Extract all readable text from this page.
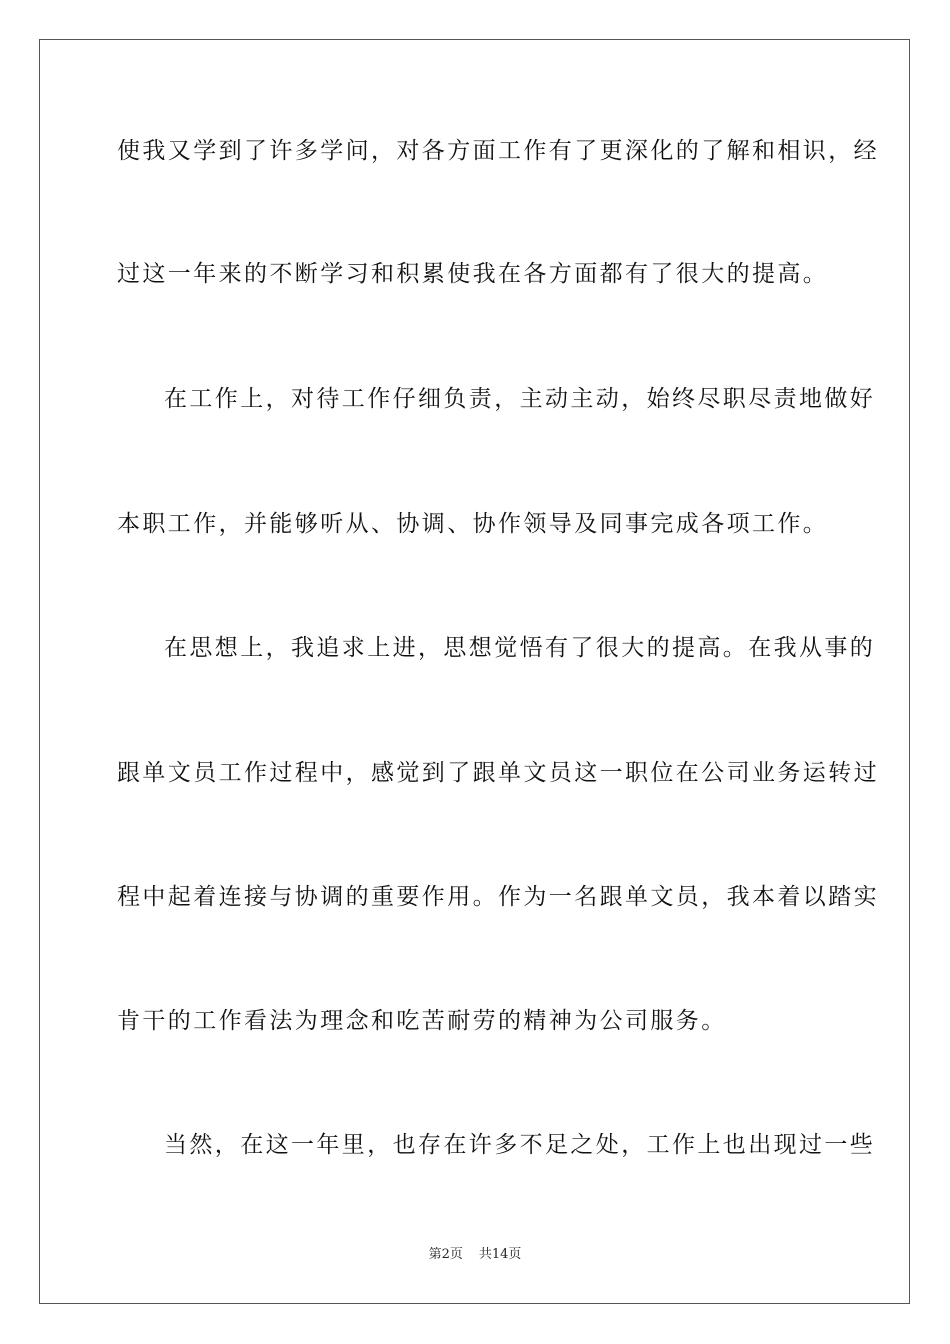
使我又学到了许多学问，对各方面工作有了更深化的了解和相识，经
过这一年来的不断学习和积累使我在各方面都有了很大的提高。
在工作上，对待工作仔细负责，主动主动，始终尽职尽责地做好
本职工作，并能够听从、协调、协作领导及同事完成各项工作。
在思想上，我追求上进，思想觉悟有了很大的提高。在我从事的
跟单文员工作过程中，感觉到了跟单文员这一职位在公司业务运转过
程中起着连接与协调的重要作用。作为一名跟单文员，我本着以踏实
肯干的工作看法为理念和吃苦耐劳的精神为公司服务。
当然，在这一年里，也存在许多不足之处，工作上也出现过一些
第2页 共14页
